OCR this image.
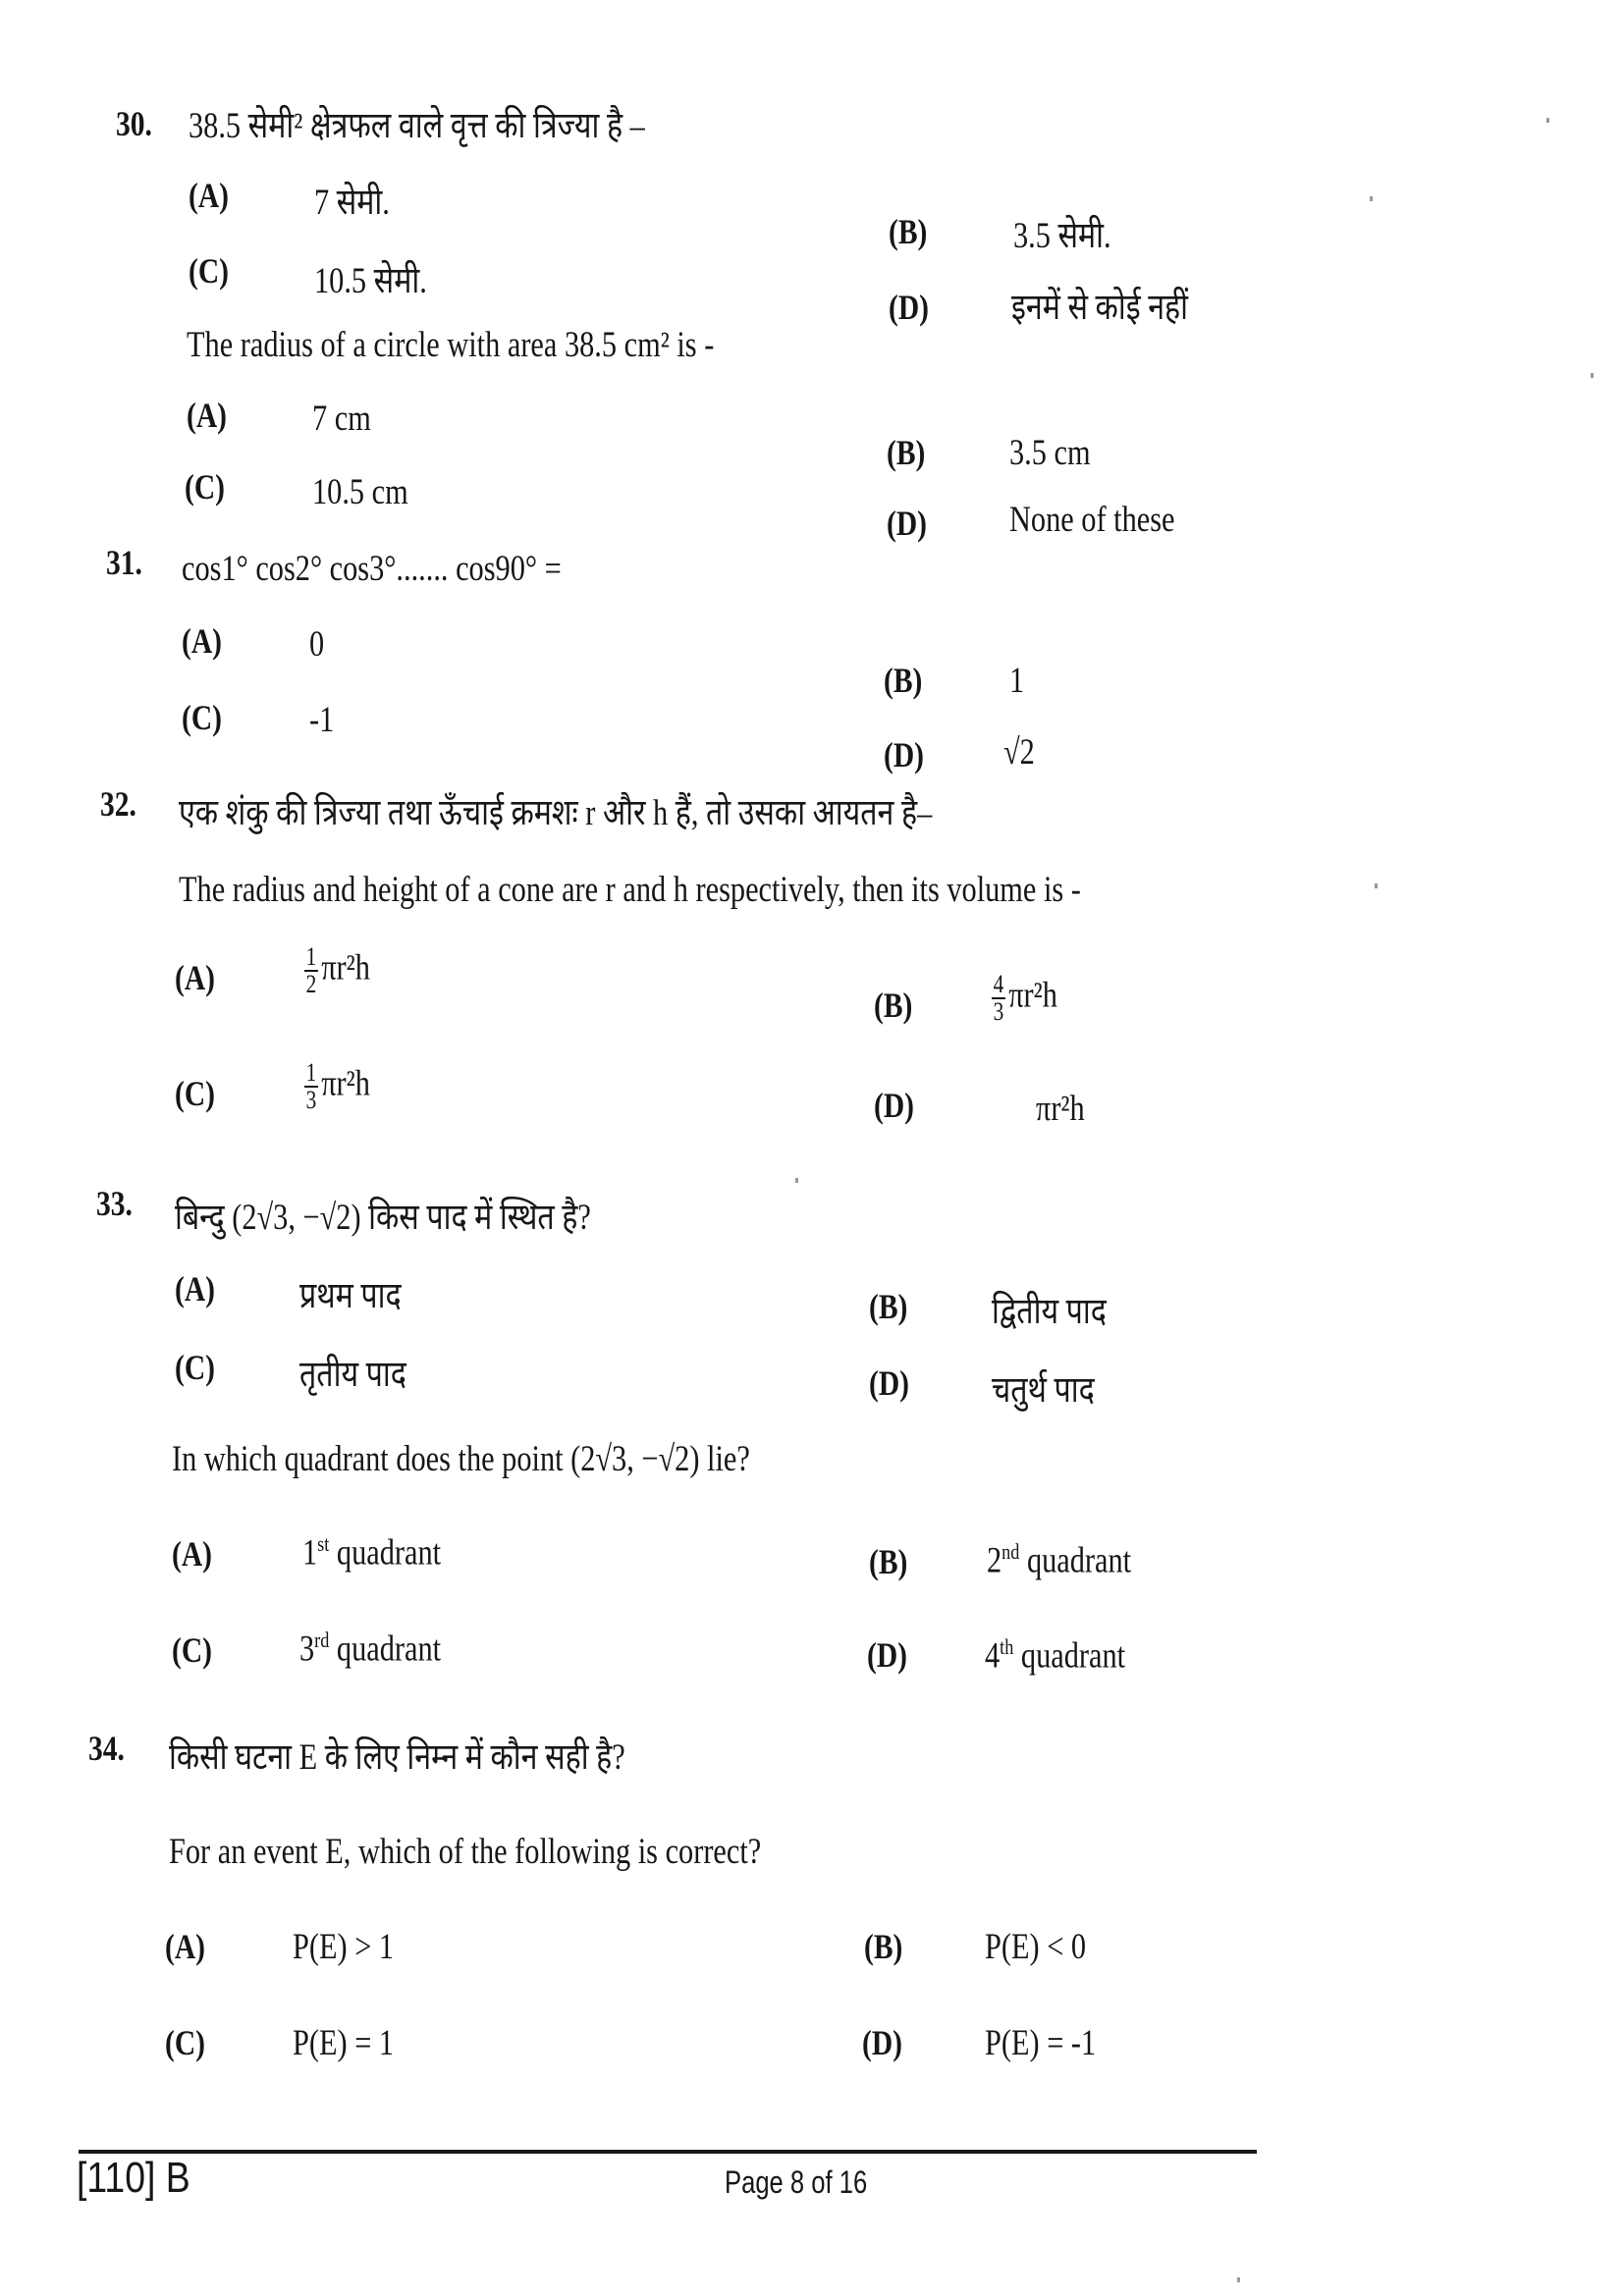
30. 38.5 सेमी² क्षेत्रफल वाले वृत्त की त्रिज्या है –
(A) 7 सेमी.
(B) 3.5 सेमी.
(C) 10.5 सेमी.
(D) इनमें से कोई नहीं
The radius of a circle with area 38.5 cm² is -
(A) 7 cm
(B) 3.5 cm
(C) 10.5 cm
(D) None of these
31. cos1° cos2° cos3°....... cos90° =
(A) 0
(B) 1
(C) -1
(D) √2
32. एक शंकु की त्रिज्या तथा ऊँचाई क्रमशः r और h हैं, तो उसका आयतन है–
The radius and height of a cone are r and h respectively, then its volume is -
(A)	$\frac{1}{2} \pi r^2h$
(B)	$\frac{4}{3} \pi r^2h$
(C)	$\frac{1}{3} \pi r^2h$
(D)	πr²h
33. बिन्दु (2√3, −√2) किस पाद में स्थित है?
(A) प्रथम पाद	(B) द्वितीय पाद
(C) तृतीय पाद	(D) चतुर्थ पाद
In which quadrant does the point (2√3, −√2) lie?
(A) 1st quadrant	(B) 2nd quadrant
(C) 3rd quadrant	(D) 4th quadrant
34. किसी घटना E के लिए निम्न में कौन सही है?
For an event E, which of the following is correct?
(A) P(E) > 1	(B) P(E) < 0
(C) P(E) = 1	(D) P(E) = -1
[110] B	Page 8 of 16
